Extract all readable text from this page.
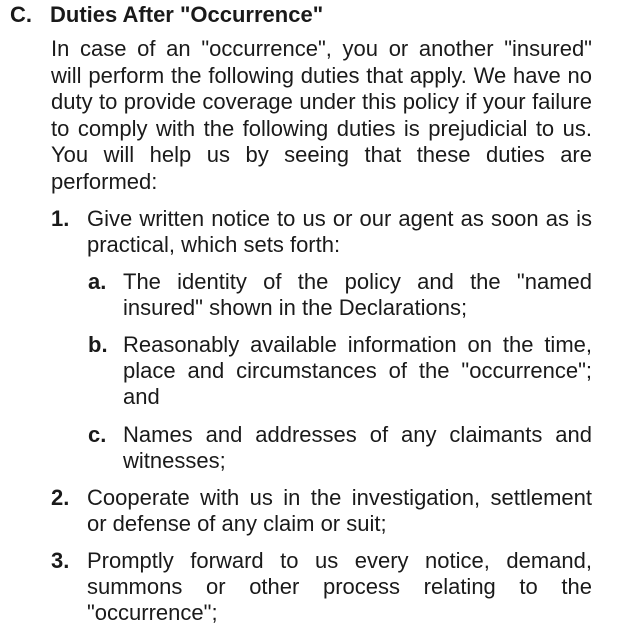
C. Duties After "Occurrence"
In case of an "occurrence", you or another "insured" will perform the following duties that apply. We have no duty to provide coverage under this policy if your failure to comply with the following duties is prejudicial to us. You will help us by seeing that these duties are performed:
1. Give written notice to us or our agent as soon as is practical, which sets forth:
a. The identity of the policy and the "named insured" shown in the Declarations;
b. Reasonably available information on the time, place and circumstances of the "occurrence"; and
c. Names and addresses of any claimants and witnesses;
2. Cooperate with us in the investigation, settlement or defense of any claim or suit;
3. Promptly forward to us every notice, demand, summons or other process relating to the "occurrence";
